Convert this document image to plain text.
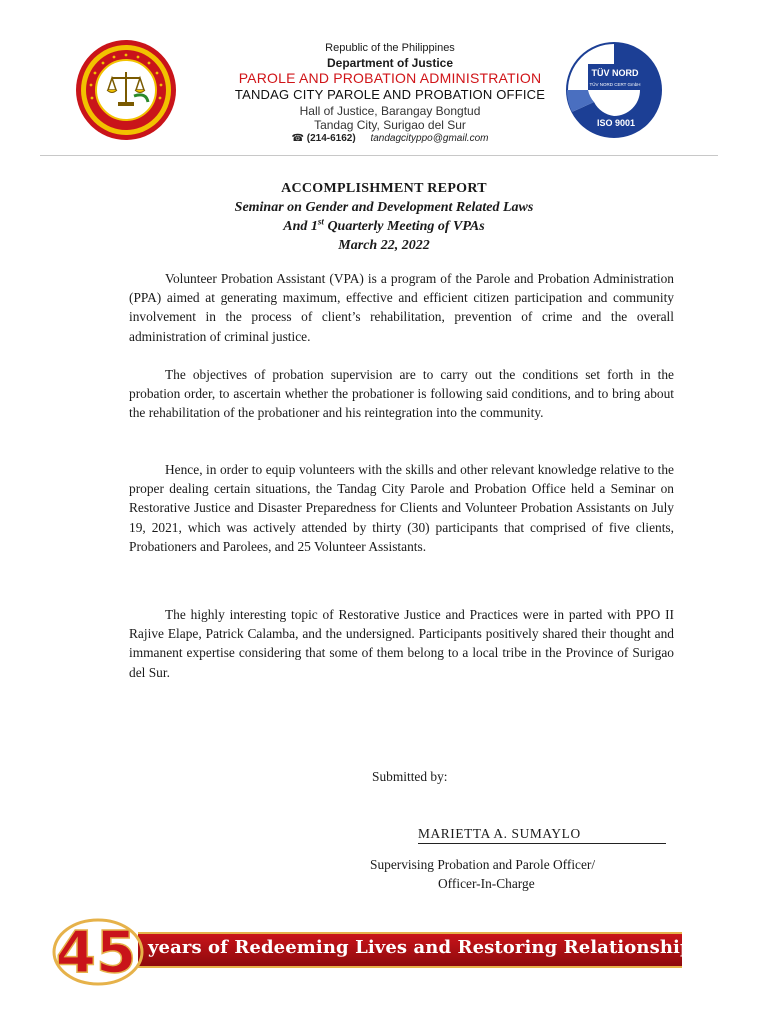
Republic of the Philippines
Department of Justice
PAROLE AND PROBATION ADMINISTRATION
TANDAG CITY PAROLE AND PROBATION OFFICE
Hall of Justice, Barangay Bongtud
Tandag City, Surigao del Sur
☎ (214-6162) tandagcityppo@gmail.com
TÜV NORD
TÜV NORD CERT GmbH
ISO 9001
ACCOMPLISHMENT REPORT
Seminar on Gender and Development Related Laws
And 1st Quarterly Meeting of VPAs
March 22, 2022
Volunteer Probation Assistant (VPA) is a program of the Parole and Probation Administration (PPA) aimed at generating maximum, effective and efficient citizen participation and community involvement in the process of client’s rehabilitation, prevention of crime and the overall administration of criminal justice.
The objectives of probation supervision are to carry out the conditions set forth in the probation order, to ascertain whether the probationer is following said conditions, and to bring about the rehabilitation of the probationer and his reintegration into the community.
Hence, in order to equip volunteers with the skills and other relevant knowledge relative to the proper dealing certain situations, the Tandag City Parole and Probation Office held a Seminar on Restorative Justice and Disaster Preparedness for Clients and Volunteer Probation Assistants on July 19, 2021, which was actively attended by thirty (30) participants that comprised of five clients, Probationers and Parolees, and 25 Volunteer Assistants.
The highly interesting topic of Restorative Justice and Practices were in parted with PPO II Rajive Elape, Patrick Calamba, and the undersigned. Participants positively shared their thought and immanent expertise considering that some of them belong to a local tribe in the Province of Surigao del Sur.
Submitted by:
MARIETTA A. SUMAYLO
Supervising Probation and Parole Officer/
Officer-In-Charge
years of Redeeming Lives and Restoring Relationships
45
